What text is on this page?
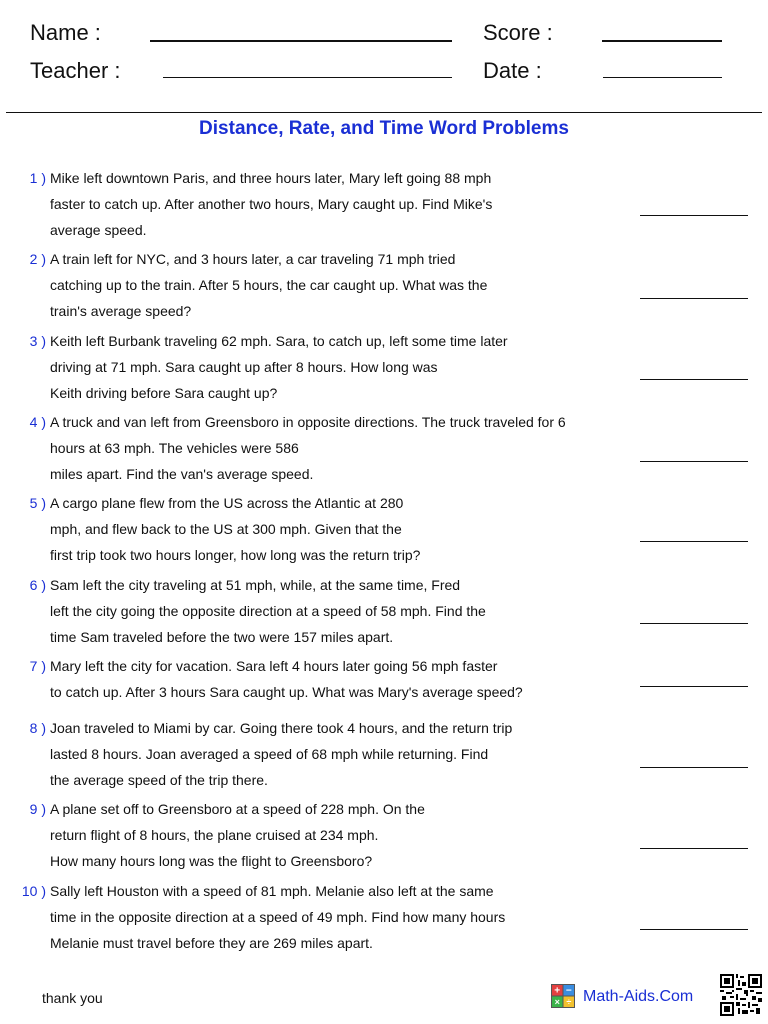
Name :
Teacher :
Score :
Date :
Distance, Rate, and Time Word Problems
1 ) Mike left downtown Paris, and three hours later, Mary left going 88 mph
faster to catch up. After another two hours, Mary caught up. Find Mike's
average speed.
2 ) A train left for NYC, and 3 hours later, a car traveling 71 mph tried
catching up to the train. After 5 hours, the car caught up. What was the
train's average speed?
3 ) Keith left Burbank traveling 62 mph. Sara, to catch up, left some time later
driving at 71 mph. Sara caught up after 8 hours. How long was
Keith driving before Sara caught up?
4 ) A truck and van left from Greensboro in opposite directions. The truck traveled for 6
hours at 63 mph. The vehicles were 586
miles apart. Find the van's average speed.
5 ) A cargo plane flew from the US across the Atlantic at 280
mph, and flew back to the US at 300 mph. Given that the
first trip took two hours longer, how long was the return trip?
6 ) Sam left the city traveling at 51 mph, while, at the same time, Fred
left the city going the opposite direction at a speed of 58 mph. Find the
time Sam traveled before the two were 157 miles apart.
7 ) Mary left the city for vacation. Sara left 4 hours later going 56 mph faster
to catch up. After 3 hours Sara caught up. What was Mary's average speed?
8 ) Joan traveled to Miami by car. Going there took 4 hours, and the return trip
lasted 8 hours. Joan averaged a speed of 68 mph while returning. Find
the average speed of the trip there.
9 ) A plane set off to Greensboro at a speed of 228 mph. On the
return flight of 8 hours, the plane cruised at 234 mph.
How many hours long was the flight to Greensboro?
10 ) Sally left Houston with a speed of 81 mph. Melanie also left at the same
time in the opposite direction at a speed of 49 mph. Find how many hours
Melanie must travel before they are 269 miles apart.
thank you	+ −
× ÷ Math-Aids.Com
